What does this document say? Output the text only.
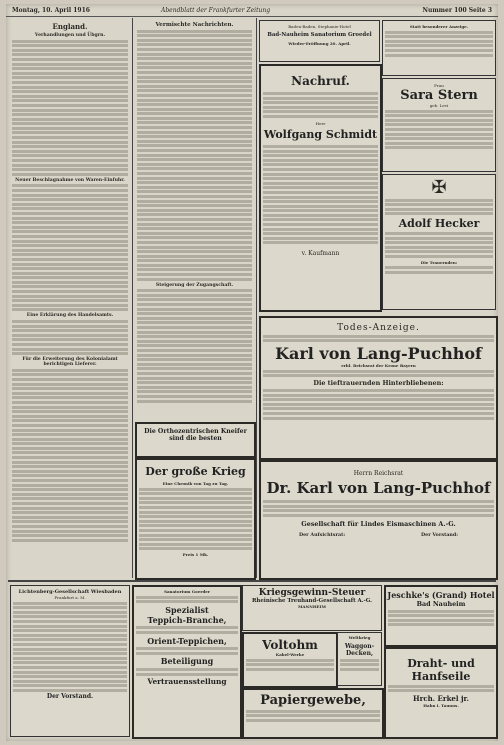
Montag, 10. April 1916	Abendblatt der Frankfurter Zeitung	Nummer 100 Seite 3
England.
Verhandlungen und Übgrn.
Neuer Beschlagnahme von Waren-Einfuhr.
Eine Erklärung des Handelsamts.
Für die Erweiterung des Kolonialamt berichtigen Lieferer.
Vermischte Nachrichten.
Steigerung der Zugangschaft.
Die Orthozentrischen Kneifer
sind die besten
Der große Krieg
Eine Chronik von Tag zu Tag.
Preis 1 Mk.
Baden-Baden, Stephanie-Hotel
Bad-Nauheim Sanatorium Groedel
Wieder-Eröffnung 20. April.
Nachruf.
Herr
Wolfgang Schmidt
v. Kaufmann
Statt besonderer Anzeige.
Frau
Sara Stern
geb. Levi
✠
Adolf Hecker
Die Trauernden:
Todes-Anzeige.
Karl von Lang-Puchhof
erbl. Reichsrat der Krone Bayern
Die tieftrauernden Hinterbliebenen:
Herrn Reichsrat
Dr. Karl von Lang-Puchhof
Gesellschaft für Lindes Eismaschinen A.-G.
Der Aufsichtsrat:	Der Vorstand:
Lichtenberg-Gesellschaft Wiesbaden
Frankfurt a. M.
Der Vorstand.
Sanatorium Goerder
Spezialist
Teppich-Branche,
Orient-Teppichen,
Beteiligung
Vertrauensstellung
Kriegsgewinn-Steuer
Rheinische Treuhand-Gesellschaft A.-G.
MANNHEIM
Voltohm
Kabel-Werke
Weltkrieg
Waggon-Decken,
Papiergewebe,
Jeschke's (Grand) Hotel
Bad Nauheim
Draht- und Hanfseile
Hrch. Erkel jr.
Hahn i. Taunus.
